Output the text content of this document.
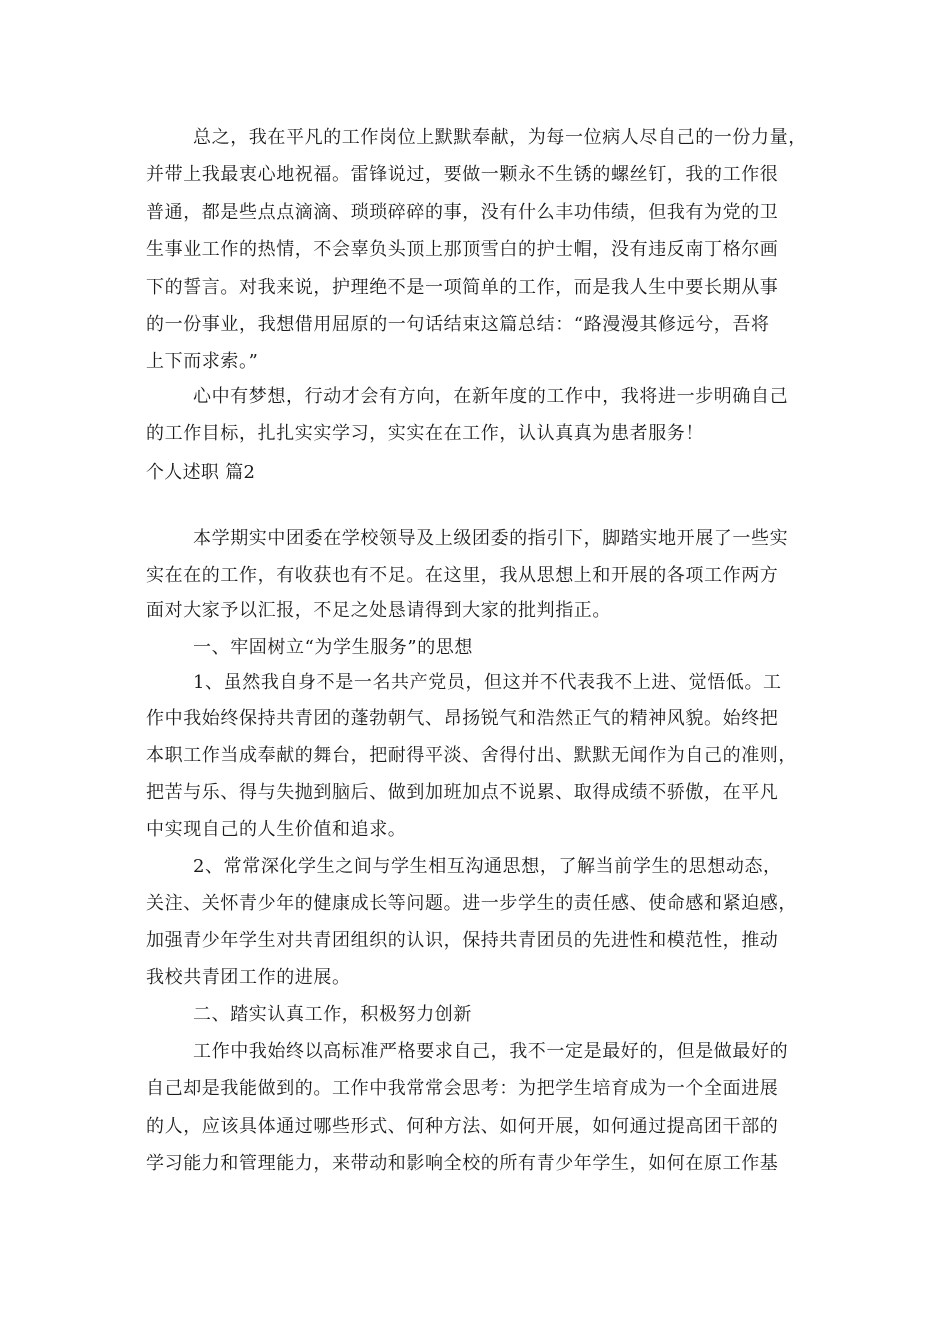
总之，我在平凡的工作岗位上默默奉献，为每一位病人尽自己的一份力量，
并带上我最衷心地祝福。雷锋说过，要做一颗永不生锈的螺丝钉，我的工作很
普通，都是些点点滴滴、琐琐碎碎的事，没有什么丰功伟绩，但我有为党的卫
生事业工作的热情，不会辜负头顶上那顶雪白的护士帽，没有违反南丁格尔画
下的誓言。对我来说，护理绝不是一项简单的工作，而是我人生中要长期从事
的一份事业，我想借用屈原的一句话结束这篇总结：“路漫漫其修远兮，吾将
上下而求索。”
心中有梦想，行动才会有方向，在新年度的工作中，我将进一步明确自己
的工作目标，扎扎实实学习，实实在在工作，认认真真为患者服务！
个人述职 篇2
本学期实中团委在学校领导及上级团委的指引下，脚踏实地开展了一些实
实在在的工作，有收获也有不足。在这里，我从思想上和开展的各项工作两方
面对大家予以汇报，不足之处恳请得到大家的批判指正。
一、牢固树立“为学生服务”的思想
1、虽然我自身不是一名共产党员，但这并不代表我不上进、觉悟低。工
作中我始终保持共青团的蓬勃朝气、昂扬锐气和浩然正气的精神风貌。始终把
本职工作当成奉献的舞台，把耐得平淡、舍得付出、默默无闻作为自己的准则，
把苦与乐、得与失抛到脑后、做到加班加点不说累、取得成绩不骄傲，在平凡
中实现自己的人生价值和追求。
2、常常深化学生之间与学生相互沟通思想，了解当前学生的思想动态，
关注、关怀青少年的健康成长等问题。进一步学生的责任感、使命感和紧迫感，
加强青少年学生对共青团组织的认识，保持共青团员的先进性和模范性，推动
我校共青团工作的进展。
二、踏实认真工作，积极努力创新
工作中我始终以高标准严格要求自己，我不一定是最好的，但是做最好的
自己却是我能做到的。工作中我常常会思考：为把学生培育成为一个全面进展
的人，应该具体通过哪些形式、何种方法、如何开展，如何通过提高团干部的
学习能力和管理能力，来带动和影响全校的所有青少年学生，如何在原工作基
